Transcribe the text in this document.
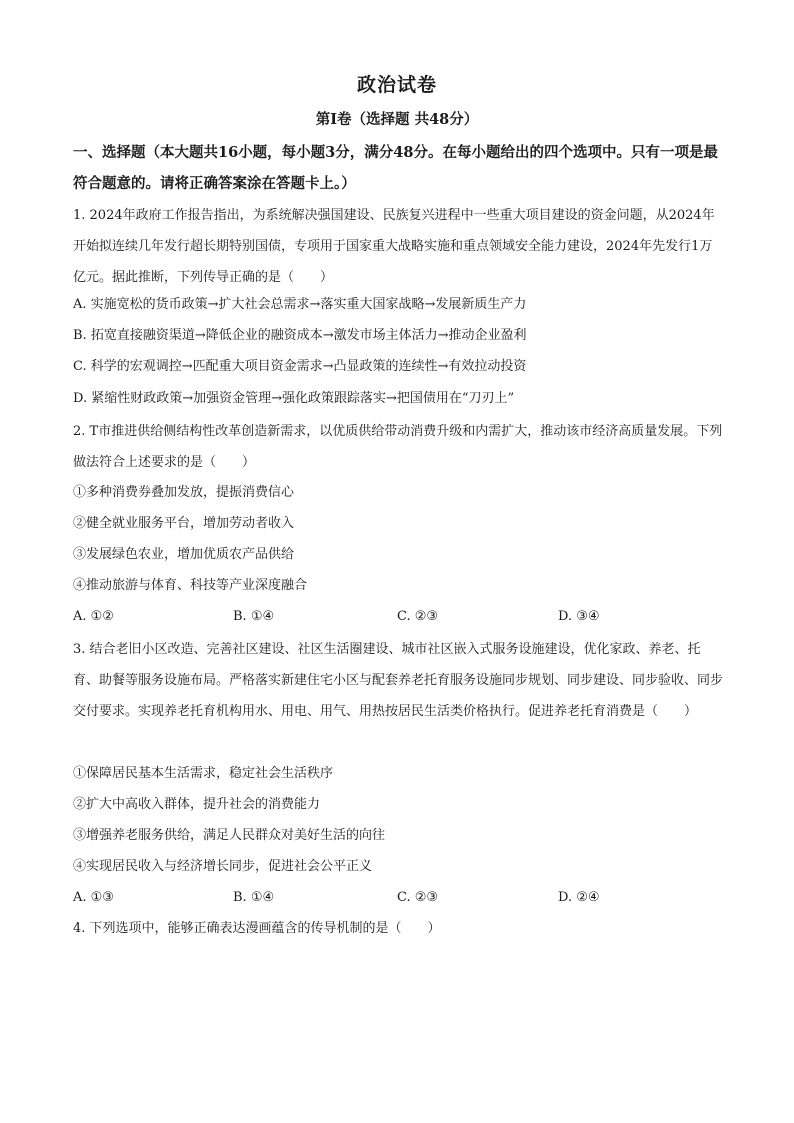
政治试卷
第Ⅰ卷（选择题 共48分）
一、选择题（本大题共16小题，每小题3分，满分48分。在每小题给出的四个选项中。只有一项是最符合题意的。请将正确答案涂在答题卡上。）
1. 2024年政府工作报告指出，为系统解决强国建设、民族复兴进程中一些重大项目建设的资金问题，从2024年开始拟连续几年发行超长期特别国债，专项用于国家重大战略实施和重点领域安全能力建设，2024年先发行1万亿元。据此推断，下列传导正确的是（　　）
A. 实施宽松的货币政策→扩大社会总需求→落实重大国家战略→发展新质生产力
B. 拓宽直接融资渠道→降低企业的融资成本→激发市场主体活力→推动企业盈利
C. 科学的宏观调控→匹配重大项目资金需求→凸显政策的连续性→有效拉动投资
D. 紧缩性财政政策→加强资金管理→强化政策跟踪落实→把国债用在“刀刃上”
2. T市推进供给侧结构性改革创造新需求，以优质供给带动消费升级和内需扩大，推动该市经济高质量发展。下列做法符合上述要求的是（　　）
①多种消费券叠加发放，提振消费信心
②健全就业服务平台，增加劳动者收入
③发展绿色农业，增加优质农产品供给
④推动旅游与体育、科技等产业深度融合
A. ①②	B. ①④	C. ②③	D. ③④
3. 结合老旧小区改造、完善社区建设、社区生活圈建设、城市社区嵌入式服务设施建设，优化家政、养老、托育、助餐等服务设施布局。严格落实新建住宅小区与配套养老托育服务设施同步规划、同步建设、同步验收、同步交付要求。实现养老托育机构用水、用电、用气、用热按居民生活类价格执行。促进养老托育消费是（　　）
①保障居民基本生活需求，稳定社会生活秩序
②扩大中高收入群体，提升社会的消费能力
③增强养老服务供给，满足人民群众对美好生活的向往
④实现居民收入与经济增长同步，促进社会公平正义
A. ①③	B. ①④	C. ②③	D. ②④
4. 下列选项中，能够正确表达漫画蕴含的传导机制的是（　　）
